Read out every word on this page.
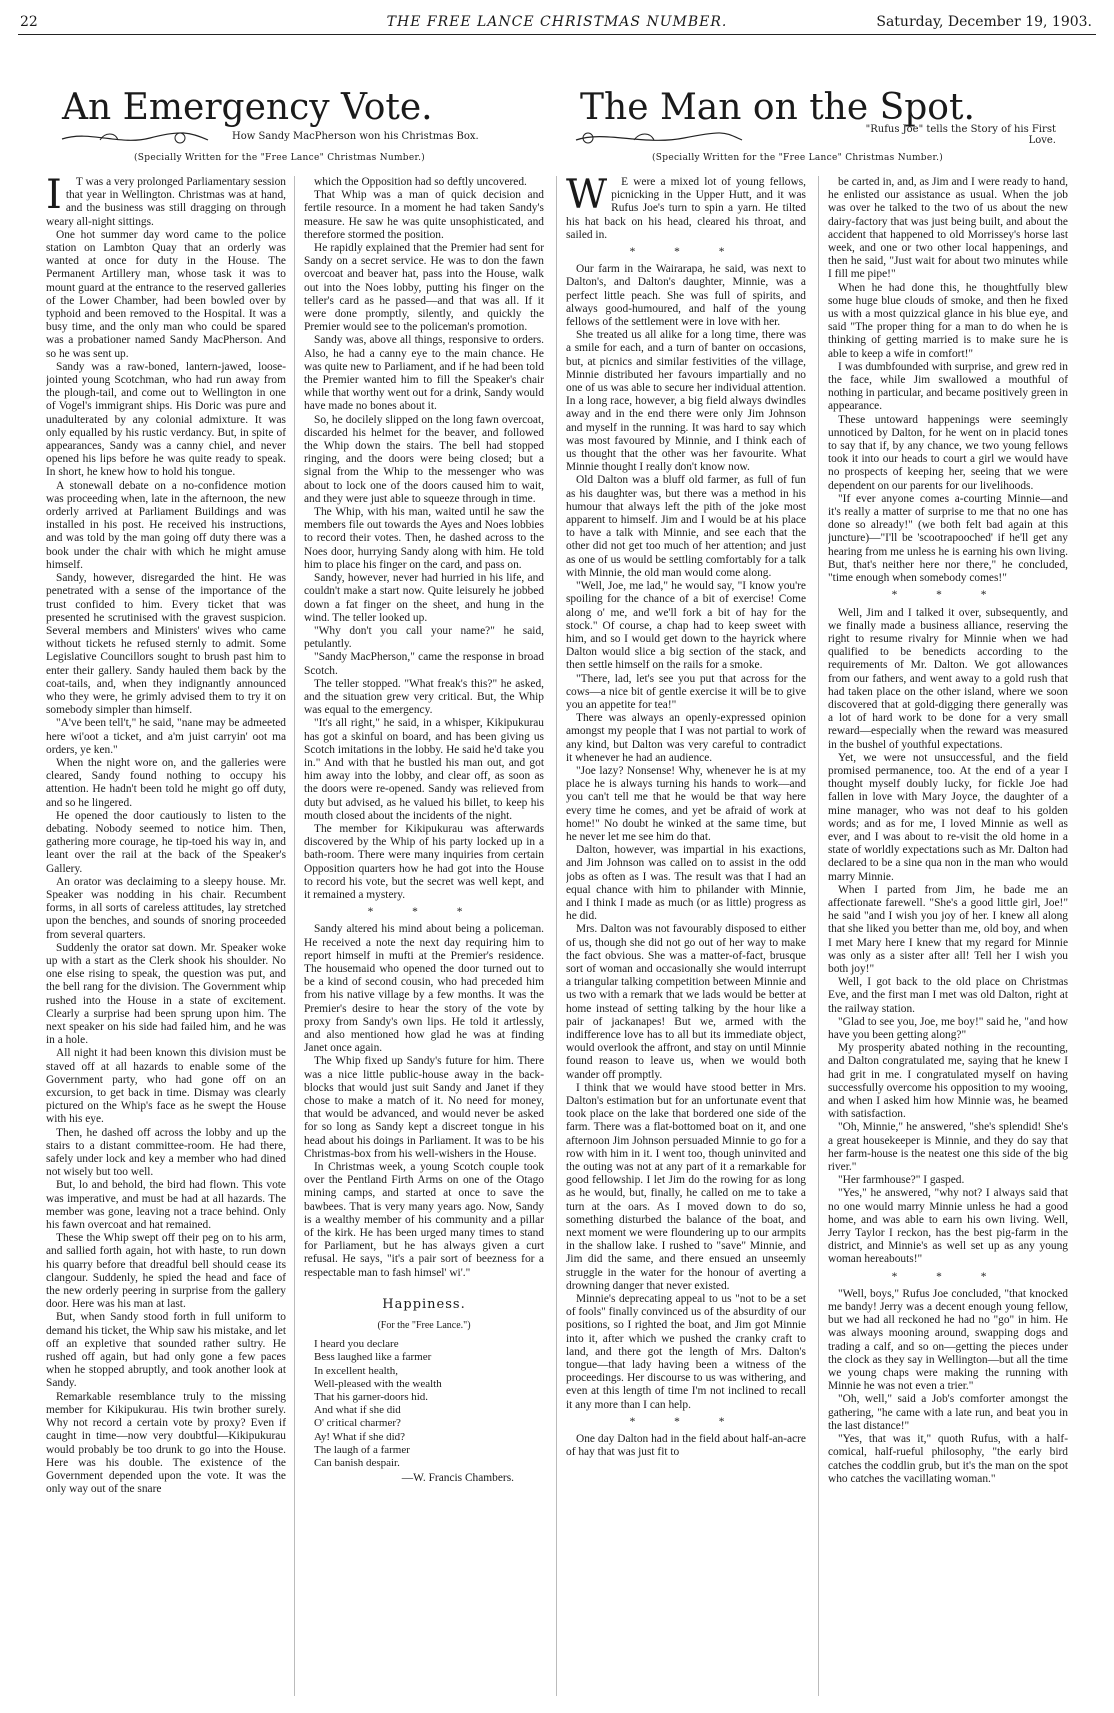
22	THE FREE LANCE CHRISTMAS NUMBER.	Saturday, December 19, 1903.
An Emergency Vote.
How Sandy MacPherson won his Christmas Box.
(Specially Written for the "Free Lance" Christmas Number.)
The Man on the Spot.
"Rufus Joe" tells the Story of his First Love.
(Specially Written for the "Free Lance" Christmas Number.)
I	T was a very prolonged Parliamentary session that year in Wellington. Christmas was at hand, and the business was still dragging on through weary all-night sittings.

One hot summer day word came to the police station on Lambton Quay that an orderly was wanted at once for duty in the House. The Permanent Artillery man, whose task it was to mount guard at the entrance to the reserved galleries of the Lower Chamber, had been bowled over by typhoid and been removed to the Hospital. It was a busy time, and the only man who could be spared was a probationer named Sandy MacPherson. And so he was sent up.

Sandy was a raw-boned, lantern-jawed, loose-jointed young Scotchman, who had run away from the plough-tail, and come out to Wellington in one of Vogel's immigrant ships. His Doric was pure and unadulterated by any colonial admixture. It was only equalled by his rustic verdancy. But, in spite of appearances, Sandy was a canny chiel, and never opened his lips before he was quite ready to speak. In short, he knew how to hold his tongue.

A stonewall debate on a no-confidence motion was proceeding when, late in the afternoon, the new orderly arrived at Parliament Buildings and was installed in his post. He received his instructions, and was told by the man going off duty there was a book under the chair with which he might amuse himself.

Sandy, however, disregarded the hint. He was penetrated with a sense of the importance of the trust confided to him. Every ticket that was presented he scrutinised with the gravest suspicion. Several members and Ministers' wives who came without tickets he refused sternly to admit. Some Legislative Councillors sought to brush past him to enter their gallery. Sandy hauled them back by the coat-tails, and, when they indignantly announced who they were, he grimly advised them to try it on somebody simpler than himself.

"A've been tell't," he said, "nane may be admeeted here wi'oot a ticket, and a'm juist carryin' oot ma orders, ye ken."

When the night wore on, and the galleries were cleared, Sandy found nothing to occupy his attention. He hadn't been told he might go off duty, and so he lingered.

He opened the door cautiously to listen to the debating. Nobody seemed to notice him. Then, gathering more courage, he tip-toed his way in, and leant over the rail at the back of the Speaker's Gallery.

An orator was declaiming to a sleepy house. Mr. Speaker was nodding in his chair. Recumbent forms, in all sorts of careless attitudes, lay stretched upon the benches, and sounds of snoring proceeded from several quarters.

Suddenly the orator sat down. Mr. Speaker woke up with a start as the Clerk shook his shoulder. No one else rising to speak, the question was put, and the bell rang for the division. The Government whip rushed into the House in a state of excitement. Clearly a surprise had been sprung upon him. The next speaker on his side had failed him, and he was in a hole.

All night it had been known this division must be staved off at all hazards to enable some of the Government party, who had gone off on an excursion, to get back in time. Dismay was clearly pictured on the Whip's face as he swept the House with his eye.

Then, he dashed off across the lobby and up the stairs to a distant committee-room. He had there, safely under lock and key a member who had dined not wisely but too well.

But, lo and behold, the bird had flown. This vote was imperative, and must be had at all hazards. The member was gone, leaving not a trace behind. Only his fawn overcoat and hat remained.

These the Whip swept off their peg on to his arm, and sallied forth again, hot with haste, to run down his quarry before that dreadful bell should cease its clangour. Suddenly, he spied the head and face of the new orderly peering in surprise from the gallery door. Here was his man at last.

But, when Sandy stood forth in full uniform to demand his ticket, the Whip saw his mistake, and let off an expletive that sounded rather sultry. He rushed off again, but had only gone a few paces when he stopped abruptly, and took another look at Sandy.

Remarkable resemblance truly to the missing member for Kikipukurau. His twin brother surely. Why not record a certain vote by proxy? Even if caught in time—now very doubtful—Kikipukurau would probably be too drunk to go into the House. Here was his double. The existence of the Government depended upon the vote. It was the only way out of the snare

which the Opposition had so deftly uncovered.

That Whip was a man of quick decision and fertile resource. In a moment he had taken Sandy's measure. He saw he was quite unsophisticated, and therefore stormed the position.

He rapidly explained that the Premier had sent for Sandy on a secret service. He was to don the fawn overcoat and beaver hat, pass into the House, walk out into the Noes lobby, putting his finger on the teller's card as he passed—and that was all. If it were done promptly, silently, and quickly the Premier would see to the policeman's promotion.

Sandy was, above all things, responsive to orders. Also, he had a canny eye to the main chance. He was quite new to Parliament, and if he had been told the Premier wanted him to fill the Speaker's chair while that worthy went out for a drink, Sandy would have made no bones about it.

So, he docilely slipped on the long fawn overcoat, discarded his helmet for the beaver, and followed the Whip down the stairs. The bell had stopped ringing, and the doors were being closed; but a signal from the Whip to the messenger who was about to lock one of the doors caused him to wait, and they were just able to squeeze through in time.

The Whip, with his man, waited until he saw the members file out towards the Ayes and Noes lobbies to record their votes. Then, he dashed across to the Noes door, hurrying Sandy along with him. He told him to place his finger on the card, and pass on.

Sandy, however, never had hurried in his life, and couldn't make a start now. Quite leisurely he jobbed down a fat finger on the sheet, and hung in the wind. The teller looked up.

"Why don't you call your name?" he said, petulantly.

"Sandy MacPherson," came the response in broad Scotch.

The teller stopped. "What freak's this?" he asked, and the situation grew very critical. But, the Whip was equal to the emergency.

"It's all right," he said, in a whisper, Kikipukurau has got a skinful on board, and has been giving us Scotch imitations in the lobby. He said he'd take you in." And with that he bustled his man out, and got him away into the lobby, and clear off, as soon as the doors were re-opened. Sandy was relieved from duty but advised, as he valued his billet, to keep his mouth closed about the incidents of the night.

The member for Kikipukurau was afterwards discovered by the Whip of his party locked up in a bath-room. There were many inquiries from certain Opposition quarters how he had got into the House to record his vote, but the secret was well kept, and it remained a mystery.

* * *

Sandy altered his mind about being a policeman. He received a note the next day requiring him to report himself in mufti at the Premier's residence. The housemaid who opened the door turned out to be a kind of second cousin, who had preceded him from his native village by a few months. It was the Premier's desire to hear the story of the vote by proxy from Sandy's own lips. He told it artlessly, and also mentioned how glad he was at finding Janet once again.

The Whip fixed up Sandy's future for him. There was a nice little public-house away in the back-blocks that would just suit Sandy and Janet if they chose to make a match of it. No need for money, that would be advanced, and would never be asked for so long as Sandy kept a discreet tongue in his head about his doings in Parliament. It was to be his Christmas-box from his well-wishers in the House.

In Christmas week, a young Scotch couple took over the Pentland Firth Arms on one of the Otago mining camps, and started at once to save the bawbees. That is very many years ago. Now, Sandy is a wealthy member of his community and a pillar of the kirk. He has been urged many times to stand for Parliament, but he has always given a curt refusal. He says, "it's a pair sort of beezness for a respectable man to fash himsel' wi'."

Happiness.
(For the "Free Lance.")

I heard you declare

Bess laughed like a farmer

In excellent health,

Well-pleased with the wealth

That his garner-doors hid.

And what if she did

O' critical charmer?

Ay! What if she did?

The laugh of a farmer

Can banish despair.

—W. Francis Chambers.
W	E were a mixed lot of young fellows, picnicking in the Upper Hutt, and it was Rufus Joe's turn to spin a yarn. He tilted his hat back on his head, cleared his throat, and sailed in.

* * *

Our farm in the Wairarapa, he said, was next to Dalton's, and Dalton's daughter, Minnie, was a perfect little peach. She was full of spirits, and always good-humoured, and half of the young fellows of the settlement were in love with her.

She treated us all alike for a long time, there was a smile for each, and a turn of banter on occasions, but, at picnics and similar festivities of the village, Minnie distributed her favours impartially and no one of us was able to secure her individual attention. In a long race, however, a big field always dwindles away and in the end there were only Jim Johnson and myself in the running. It was hard to say which was most favoured by Minnie, and I think each of us thought that the other was her favourite. What Minnie thought I really don't know now.

Old Dalton was a bluff old farmer, as full of fun as his daughter was, but there was a method in his humour that always left the pith of the joke most apparent to himself. Jim and I would be at his place to have a talk with Minnie, and see each that the other did not get too much of her attention; and just as one of us would be settling comfortably for a talk with Minnie, the old man would come along.

"Well, Joe, me lad," he would say, "I know you're spoiling for the chance of a bit of exercise! Come along o' me, and we'll fork a bit of hay for the stock." Of course, a chap had to keep sweet with him, and so I would get down to the hayrick where Dalton would slice a big section of the stack, and then settle himself on the rails for a smoke.

"There, lad, let's see you put that across for the cows—a nice bit of gentle exercise it will be to give you an appetite for tea!"

There was always an openly-expressed opinion amongst my people that I was not partial to work of any kind, but Dalton was very careful to contradict it whenever he had an audience.

"Joe lazy? Nonsense! Why, whenever he is at my place he is always turning his hands to work—and you can't tell me that he would be that way here every time he comes, and yet be afraid of work at home!" No doubt he winked at the same time, but he never let me see him do that.

Dalton, however, was impartial in his exactions, and Jim Johnson was called on to assist in the odd jobs as often as I was. The result was that I had an equal chance with him to philander with Minnie, and I think I made as much (or as little) progress as he did.

Mrs. Dalton was not favourably disposed to either of us, though she did not go out of her way to make the fact obvious. She was a matter-of-fact, brusque sort of woman and occasionally she would interrupt a triangular talking competition between Minnie and us two with a remark that we lads would be better at home instead of setting talking by the hour like a pair of jackanapes! But we, armed with the indifference love has to all but its immediate object, would overlook the affront, and stay on until Minnie found reason to leave us, when we would both wander off promptly.

I think that we would have stood better in Mrs. Dalton's estimation but for an unfortunate event that took place on the lake that bordered one side of the farm. There was a flat-bottomed boat on it, and one afternoon Jim Johnson persuaded Minnie to go for a row with him in it. I went too, though uninvited and the outing was not at any part of it a remarkable for good fellowship. I let Jim do the rowing for as long as he would, but, finally, he called on me to take a turn at the oars. As I moved down to do so, something disturbed the balance of the boat, and next moment we were floundering up to our armpits in the shallow lake. I rushed to "save" Minnie, and Jim did the same, and there ensued an unseemly struggle in the water for the honour of averting a drowning danger that never existed.

Minnie's deprecating appeal to us "not to be a set of fools" finally convinced us of the absurdity of our positions, so I righted the boat, and Jim got Minnie into it, after which we pushed the cranky craft to land, and there got the length of Mrs. Dalton's tongue—that lady having been a witness of the proceedings. Her discourse to us was withering, and even at this length of time I'm not inclined to recall it any more than I can help.

* * *

One day Dalton had in the field about half-an-acre of hay that was just fit to

be carted in, and, as Jim and I were ready to hand, he enlisted our assistance as usual. When the job was over he talked to the two of us about the new dairy-factory that was just being built, and about the accident that happened to old Morrissey's horse last week, and one or two other local happenings, and then he said, "Just wait for about two minutes while I fill me pipe!"

When he had done this, he thoughtfully blew some huge blue clouds of smoke, and then he fixed us with a most quizzical glance in his blue eye, and said "The proper thing for a man to do when he is thinking of getting married is to make sure he is able to keep a wife in comfort!"

I was dumbfounded with surprise, and grew red in the face, while Jim swallowed a mouthful of nothing in particular, and became positively green in appearance.

These untoward happenings were seemingly unnoticed by Dalton, for he went on in placid tones to say that if, by any chance, we two young fellows took it into our heads to court a girl we would have no prospects of keeping her, seeing that we were dependent on our parents for our livelihoods.

"If ever anyone comes a-courting Minnie—and it's really a matter of surprise to me that no one has done so already!" (we both felt bad again at this juncture)—"I'll be 'scootrapooched' if he'll get any hearing from me unless he is earning his own living. But, that's neither here nor there," he concluded, "time enough when somebody comes!"

* * *

Well, Jim and I talked it over, subsequently, and we finally made a business alliance, reserving the right to resume rivalry for Minnie when we had qualified to be benedicts according to the requirements of Mr. Dalton. We got allowances from our fathers, and went away to a gold rush that had taken place on the other island, where we soon discovered that at gold-digging there generally was a lot of hard work to be done for a very small reward—especially when the reward was measured in the bushel of youthful expectations.

Yet, we were not unsuccessful, and the field promised permanence, too. At the end of a year I thought myself doubly lucky, for fickle Joe had fallen in love with Mary Joyce, the daughter of a mine manager, who was not deaf to his golden words; and as for me, I loved Minnie as well as ever, and I was about to re-visit the old home in a state of worldly expectations such as Mr. Dalton had declared to be a sine qua non in the man who would marry Minnie.

When I parted from Jim, he bade me an affectionate farewell. "She's a good little girl, Joe!" he said "and I wish you joy of her. I knew all along that she liked you better than me, old boy, and when I met Mary here I knew that my regard for Minnie was only as a sister after all! Tell her I wish you both joy!"

Well, I got back to the old place on Christmas Eve, and the first man I met was old Dalton, right at the railway station.

"Glad to see you, Joe, me boy!" said he, "and how have you been getting along?"

My prosperity abated nothing in the recounting, and Dalton congratulated me, saying that he knew I had grit in me. I congratulated myself on having successfully overcome his opposition to my wooing, and when I asked him how Minnie was, he beamed with satisfaction.

"Oh, Minnie," he answered, "she's splendid! She's a great housekeeper is Minnie, and they do say that her farm-house is the neatest one this side of the big river."

"Her farmhouse?" I gasped.

"Yes," he answered, "why not? I always said that no one would marry Minnie unless he had a good home, and was able to earn his own living. Well, Jerry Taylor I reckon, has the best pig-farm in the district, and Minnie's as well set up as any young woman hereabouts!"

* * *

"Well, boys," Rufus Joe concluded, "that knocked me bandy! Jerry was a decent enough young fellow, but we had all reckoned he had no "go" in him. He was always mooning around, swapping dogs and trading a calf, and so on—getting the pieces under the clock as they say in Wellington—but all the time we young chaps were making the running with Minnie he was not even a trier."

"Oh, well," said a Job's comforter amongst the gathering, "he came with a late run, and beat you in the last distance!"

"Yes, that was it," quoth Rufus, with a half-comical, half-rueful philosophy, "the early bird catches the coddlin grub, but it's the man on the spot who catches the vacillating woman."
